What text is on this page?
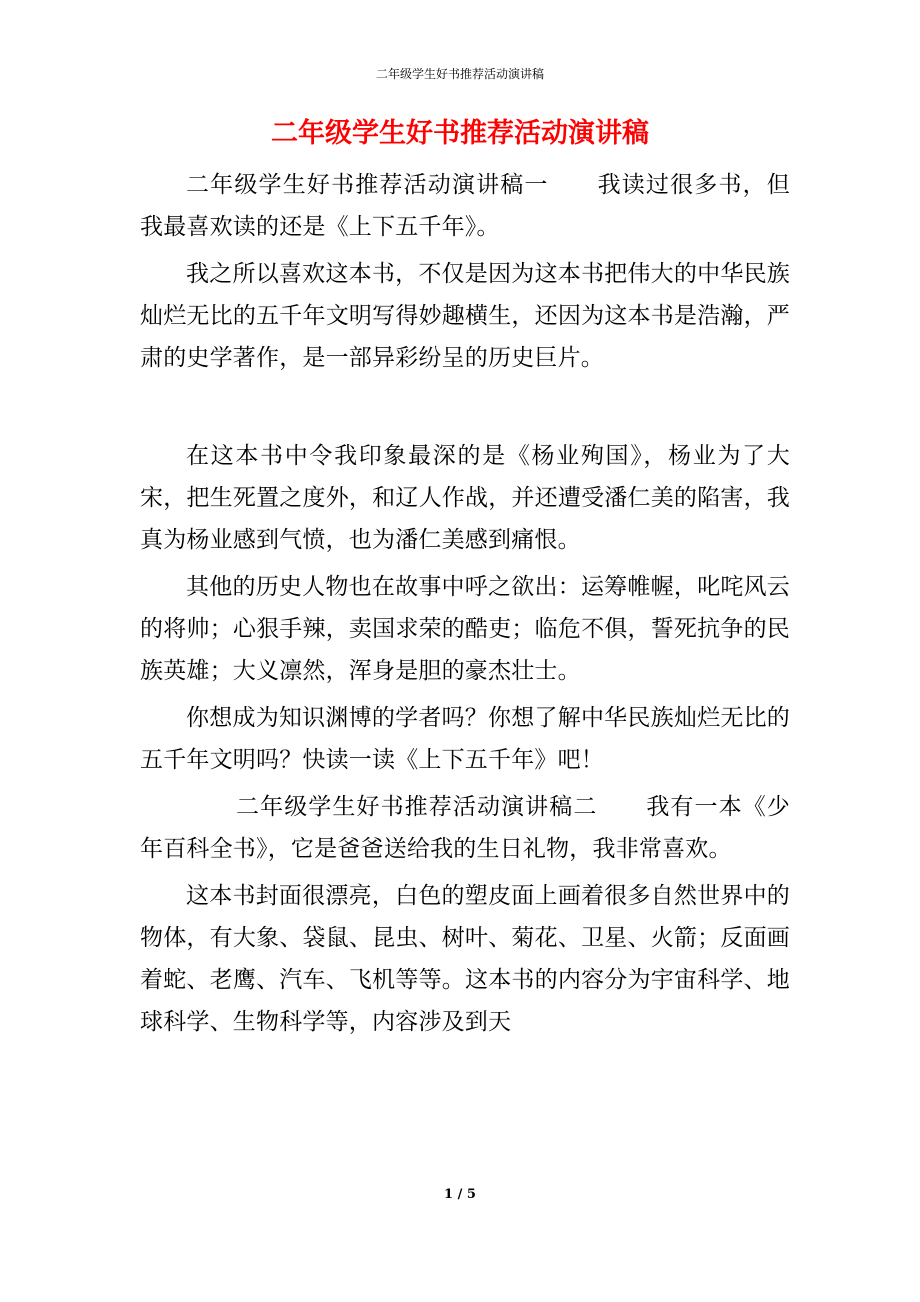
二年级学生好书推荐活动演讲稿
二年级学生好书推荐活动演讲稿

二年级学生好书推荐活动演讲稿一 我读过很多书，但我最喜欢读的还是《上下五千年》。

我之所以喜欢这本书，不仅是因为这本书把伟大的中华民族灿烂无比的五千年文明写得妙趣横生，还因为这本书是浩瀚，严肃的史学著作，是一部异彩纷呈的历史巨片。

在这本书中令我印象最深的是《杨业殉国》，杨业为了大宋，把生死置之度外，和辽人作战，并还遭受潘仁美的陷害，我真为杨业感到气愤，也为潘仁美感到痛恨。

其他的历史人物也在故事中呼之欲出：运筹帷幄，叱咤风云的将帅；心狠手辣，卖国求荣的酷吏；临危不俱，誓死抗争的民族英雄；大义凛然，浑身是胆的豪杰壮士。

你想成为知识渊博的学者吗？你想了解中华民族灿烂无比的五千年文明吗？快读一读《上下五千年》吧！

二年级学生好书推荐活动演讲稿二 我有一本《少年百科全书》，它是爸爸送给我的生日礼物，我非常喜欢。

这本书封面很漂亮，白色的塑皮面上画着很多自然世界中的物体，有大象、袋鼠、昆虫、树叶、菊花、卫星、火箭；反面画着蛇、老鹰、汽车、飞机等等。这本书的内容分为宇宙科学、地球科学、生物科学等，内容涉及到天

1 / 5
